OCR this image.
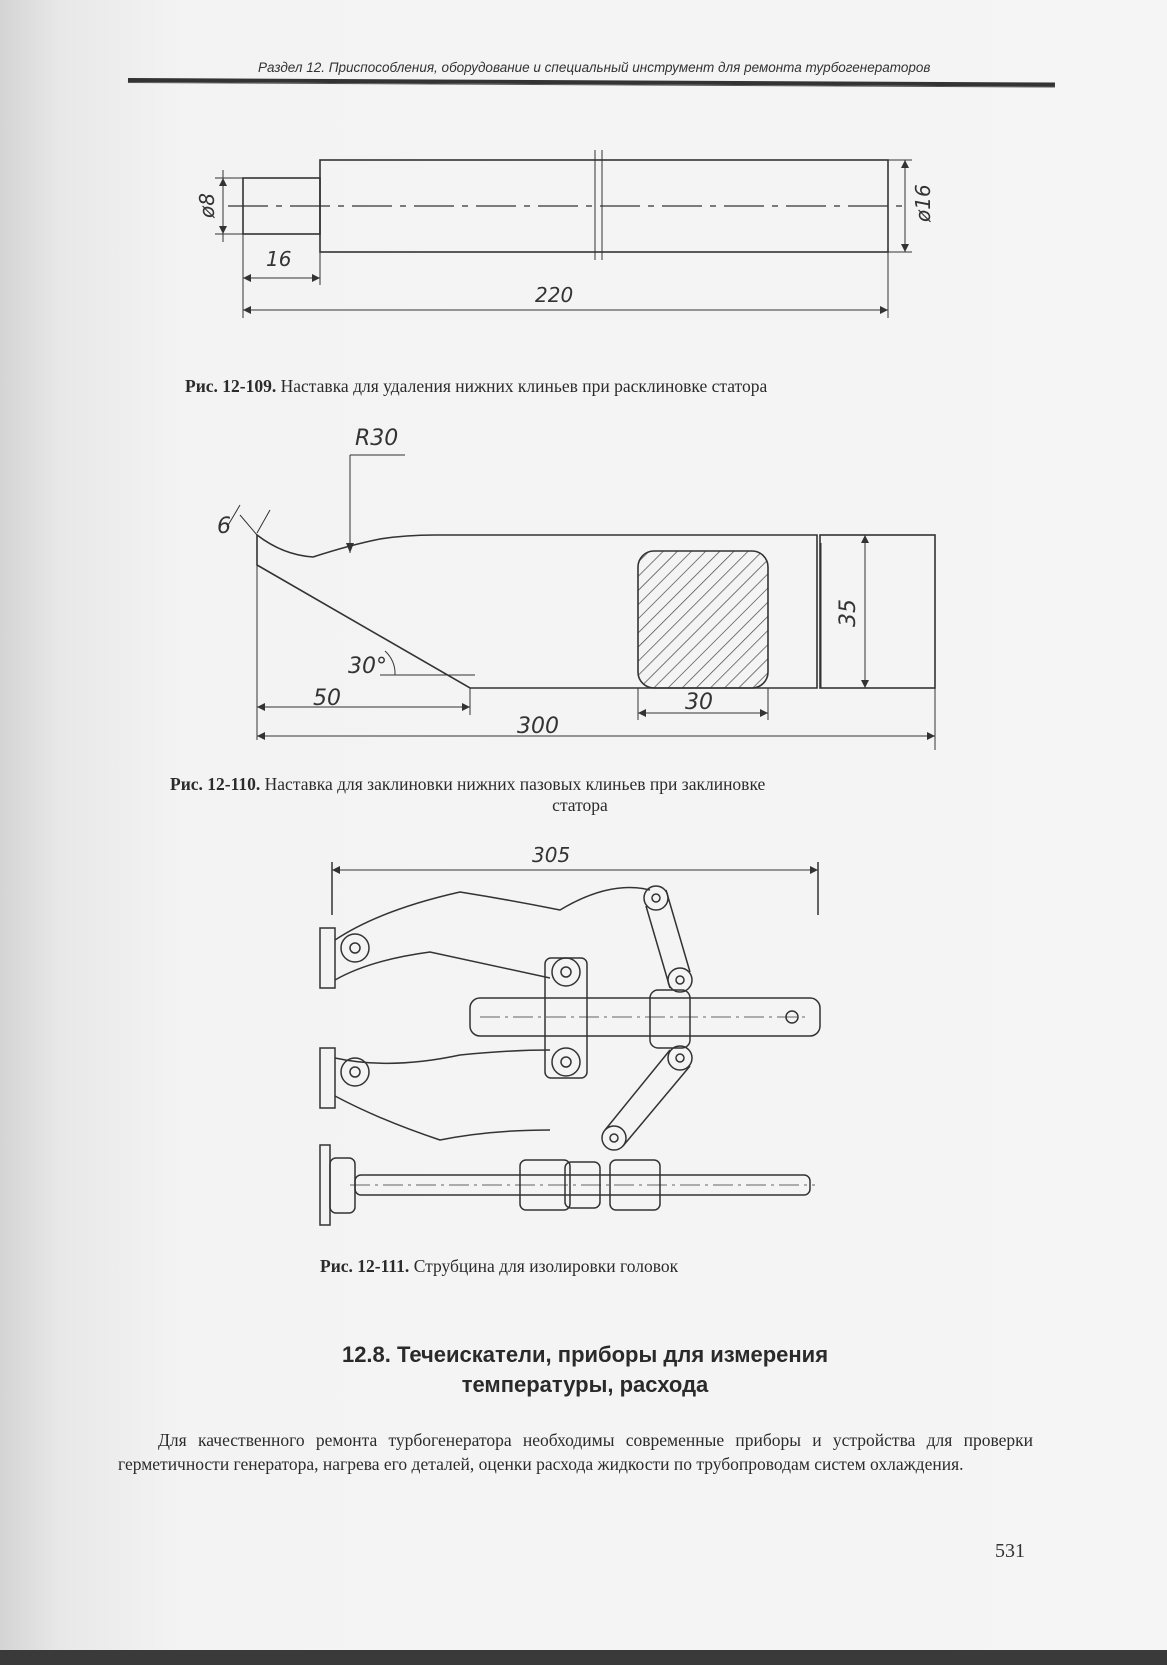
Раздел 12. Приспособления, оборудование и специальный инструмент для ремонта турбогенераторов
ø8	ø16
16
220
Рис. 12-109. Наставка для удаления нижних клиньев при расклиновке статора
R30
6
30°
50	30
300
35
Рис. 12-110. Наставка для заклиновки нижних пазовых клиньев при заклиновке
статора
305
Рис. 12-111. Струбцина для изолировки головок
12.8. Течеискатели, приборы для измерения
температуры, расхода
Для качественного ремонта турбогенератора необходимы современные приборы и устройства для проверки герметичности генератора, нагрева его деталей, оценки расхода жидкости по трубопроводам систем охлаждения.
531
